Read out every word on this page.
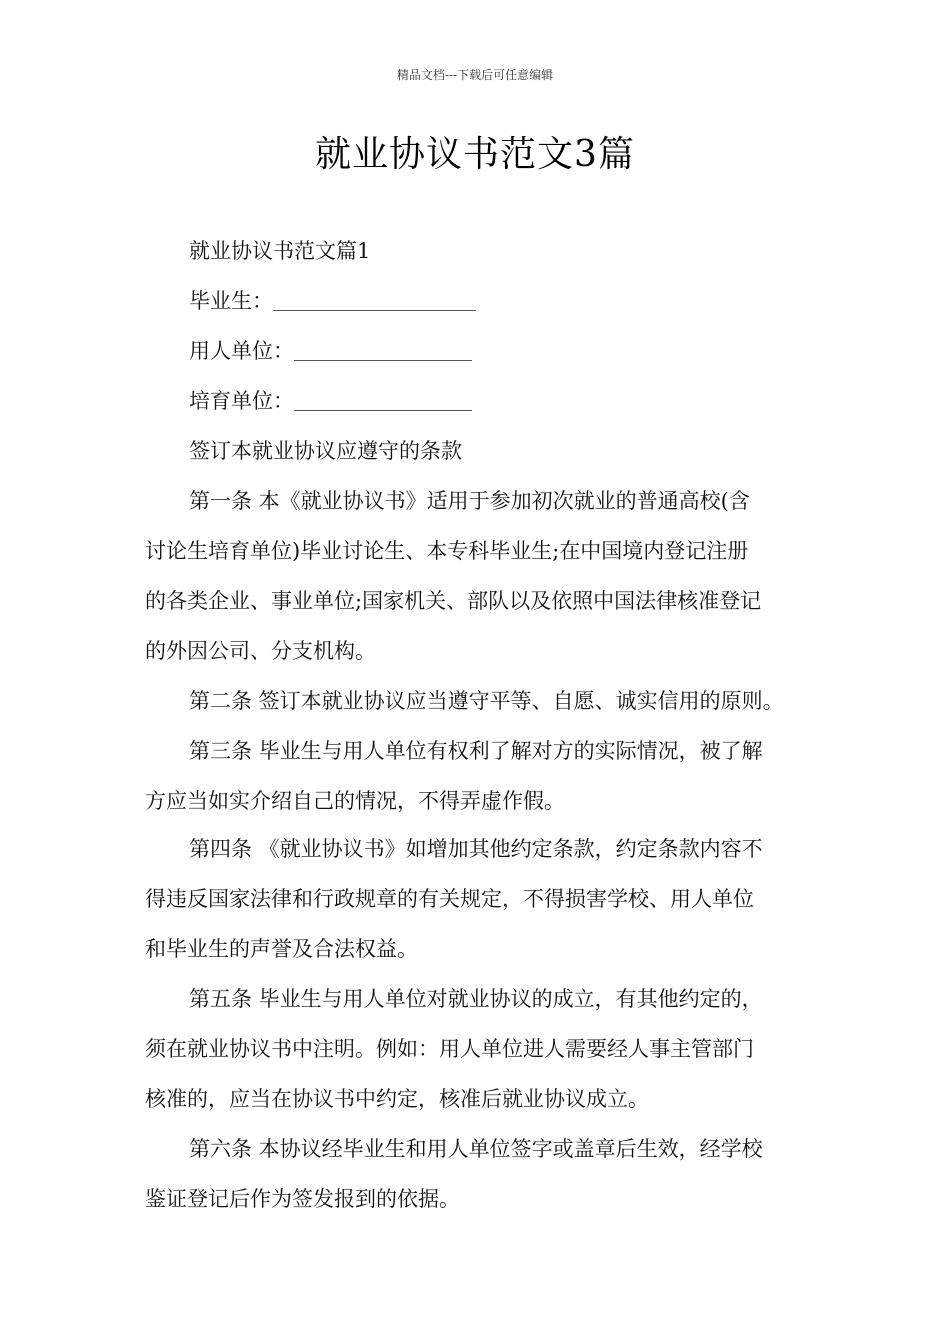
精品文档---下载后可任意编辑
就业协议书范文3篇
就业协议书范文篇1
毕业生：
用人单位：
培育单位：
签订本就业协议应遵守的条款
第一条 本《就业协议书》适用于参加初次就业的普通高校(含
讨论生培育单位)毕业讨论生、本专科毕业生;在中国境内登记注册
的各类企业、事业单位;国家机关、部队以及依照中国法律核准登记
的外因公司、分支机构。
第二条 签订本就业协议应当遵守平等、自愿、诚实信用的原则。
第三条 毕业生与用人单位有权利了解对方的实际情况，被了解
方应当如实介绍自己的情况，不得弄虚作假。
第四条 《就业协议书》如增加其他约定条款，约定条款内容不
得违反国家法律和行政规章的有关规定，不得损害学校、用人单位
和毕业生的声誉及合法权益。
第五条 毕业生与用人单位对就业协议的成立，有其他约定的，
须在就业协议书中注明。例如：用人单位进人需要经人事主管部门
核准的，应当在协议书中约定，核准后就业协议成立。
第六条 本协议经毕业生和用人单位签字或盖章后生效，经学校
鉴证登记后作为签发报到的依据。
